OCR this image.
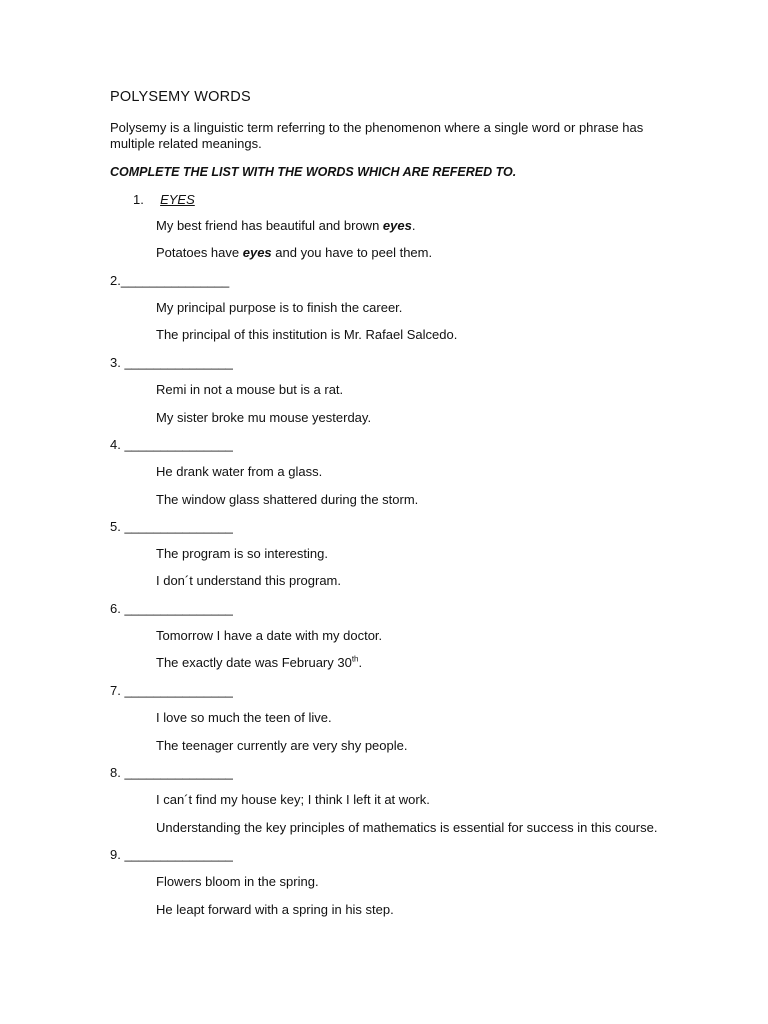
POLYSEMY WORDS
Polysemy is a linguistic term referring to the phenomenon where a single word or phrase has multiple related meanings.
COMPLETE THE LIST WITH THE WORDS WHICH ARE REFERED TO.
1. EYES
My best friend has beautiful and brown eyes.
Potatoes have eyes and you have to peel them.
2._______________
My principal purpose is to finish the career.
The principal of this institution is Mr. Rafael Salcedo.
3. _______________
Remi in not a mouse but is a rat.
My sister broke mu mouse yesterday.
4. _______________
He drank water from a glass.
The window glass shattered during the storm.
5. _______________
The program is so interesting.
I don´t understand this program.
6. _______________
Tomorrow I have a date with my doctor.
The exactly date was February 30th.
7. _______________
I love so much the teen of live.
The teenager currently are very shy people.
8. _______________
I can´t find my house key; I think I left it at work.
Understanding the key principles of mathematics is essential for success in this course.
9. _______________
Flowers bloom in the spring.
He leapt forward with a spring in his step.
